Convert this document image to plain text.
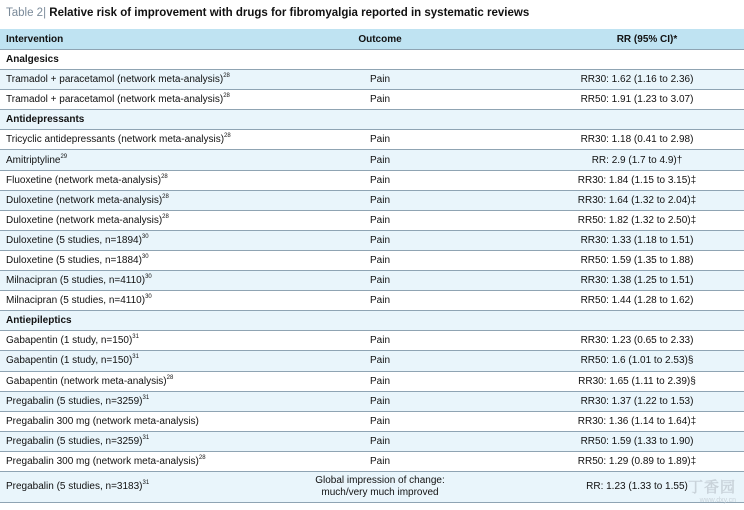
Table 2| Relative risk of improvement with drugs for fibromyalgia reported in systematic reviews
Intervention	Outcome	RR (95% CI)*
Analgesics		
Tramadol + paracetamol (network meta-analysis)$^{28}$	Pain	RR30: 1.62 (1.16 to 2.36)
Tramadol + paracetamol (network meta-analysis)$^{28}$	Pain	RR50: 1.91 (1.23 to 3.07)
Antidepressants		
Tricyclic antidepressants (network meta-analysis)$^{28}$	Pain	RR30: 1.18 (0.41 to 2.98)
Amitriptyline$^{29}$	Pain	RR: 2.9 (1.7 to 4.9)†
Fluoxetine (network meta-analysis)$^{28}$	Pain	RR30: 1.84 (1.15 to 3.15)‡
Duloxetine (network meta-analysis)$^{28}$	Pain	RR30: 1.64 (1.32 to 2.04)‡
Duloxetine (network meta-analysis)$^{28}$	Pain	RR50: 1.82 (1.32 to 2.50)‡
Duloxetine (5 studies, n=1894)$^{30}$	Pain	RR30: 1.33 (1.18 to 1.51)
Duloxetine (5 studies, n=1884)$^{30}$	Pain	RR50: 1.59 (1.35 to 1.88)
Milnacipran (5 studies, n=4110)$^{30}$	Pain	RR30: 1.38 (1.25 to 1.51)
Milnacipran (5 studies, n=4110)$^{30}$	Pain	RR50: 1.44 (1.28 to 1.62)
Antiepileptics		
Gabapentin (1 study, n=150)$^{31}$	Pain	RR30: 1.23 (0.65 to 2.33)
Gabapentin (1 study, n=150)$^{31}$	Pain	RR50: 1.6 (1.01 to 2.53)§
Gabapentin (network meta-analysis)$^{28}$	Pain	RR30: 1.65 (1.11 to 2.39)§
Pregabalin (5 studies, n=3259)$^{31}$	Pain	RR30: 1.37 (1.22 to 1.53)
Pregabalin 300 mg (network meta-analysis)	Pain	RR30: 1.36 (1.14 to 1.64)‡
Pregabalin (5 studies, n=3259)$^{31}$	Pain	RR50: 1.59 (1.33 to 1.90)
Pregabalin 300 mg (network meta-analysis)$^{28}$	Pain	RR50: 1.29 (0.89 to 1.89)‡
Pregabalin (5 studies, n=3183)$^{31}$	Global impression of change:
much/very much improved	RR: 1.23 (1.33 to 1.55) 丁香园
www.dxy.cn
